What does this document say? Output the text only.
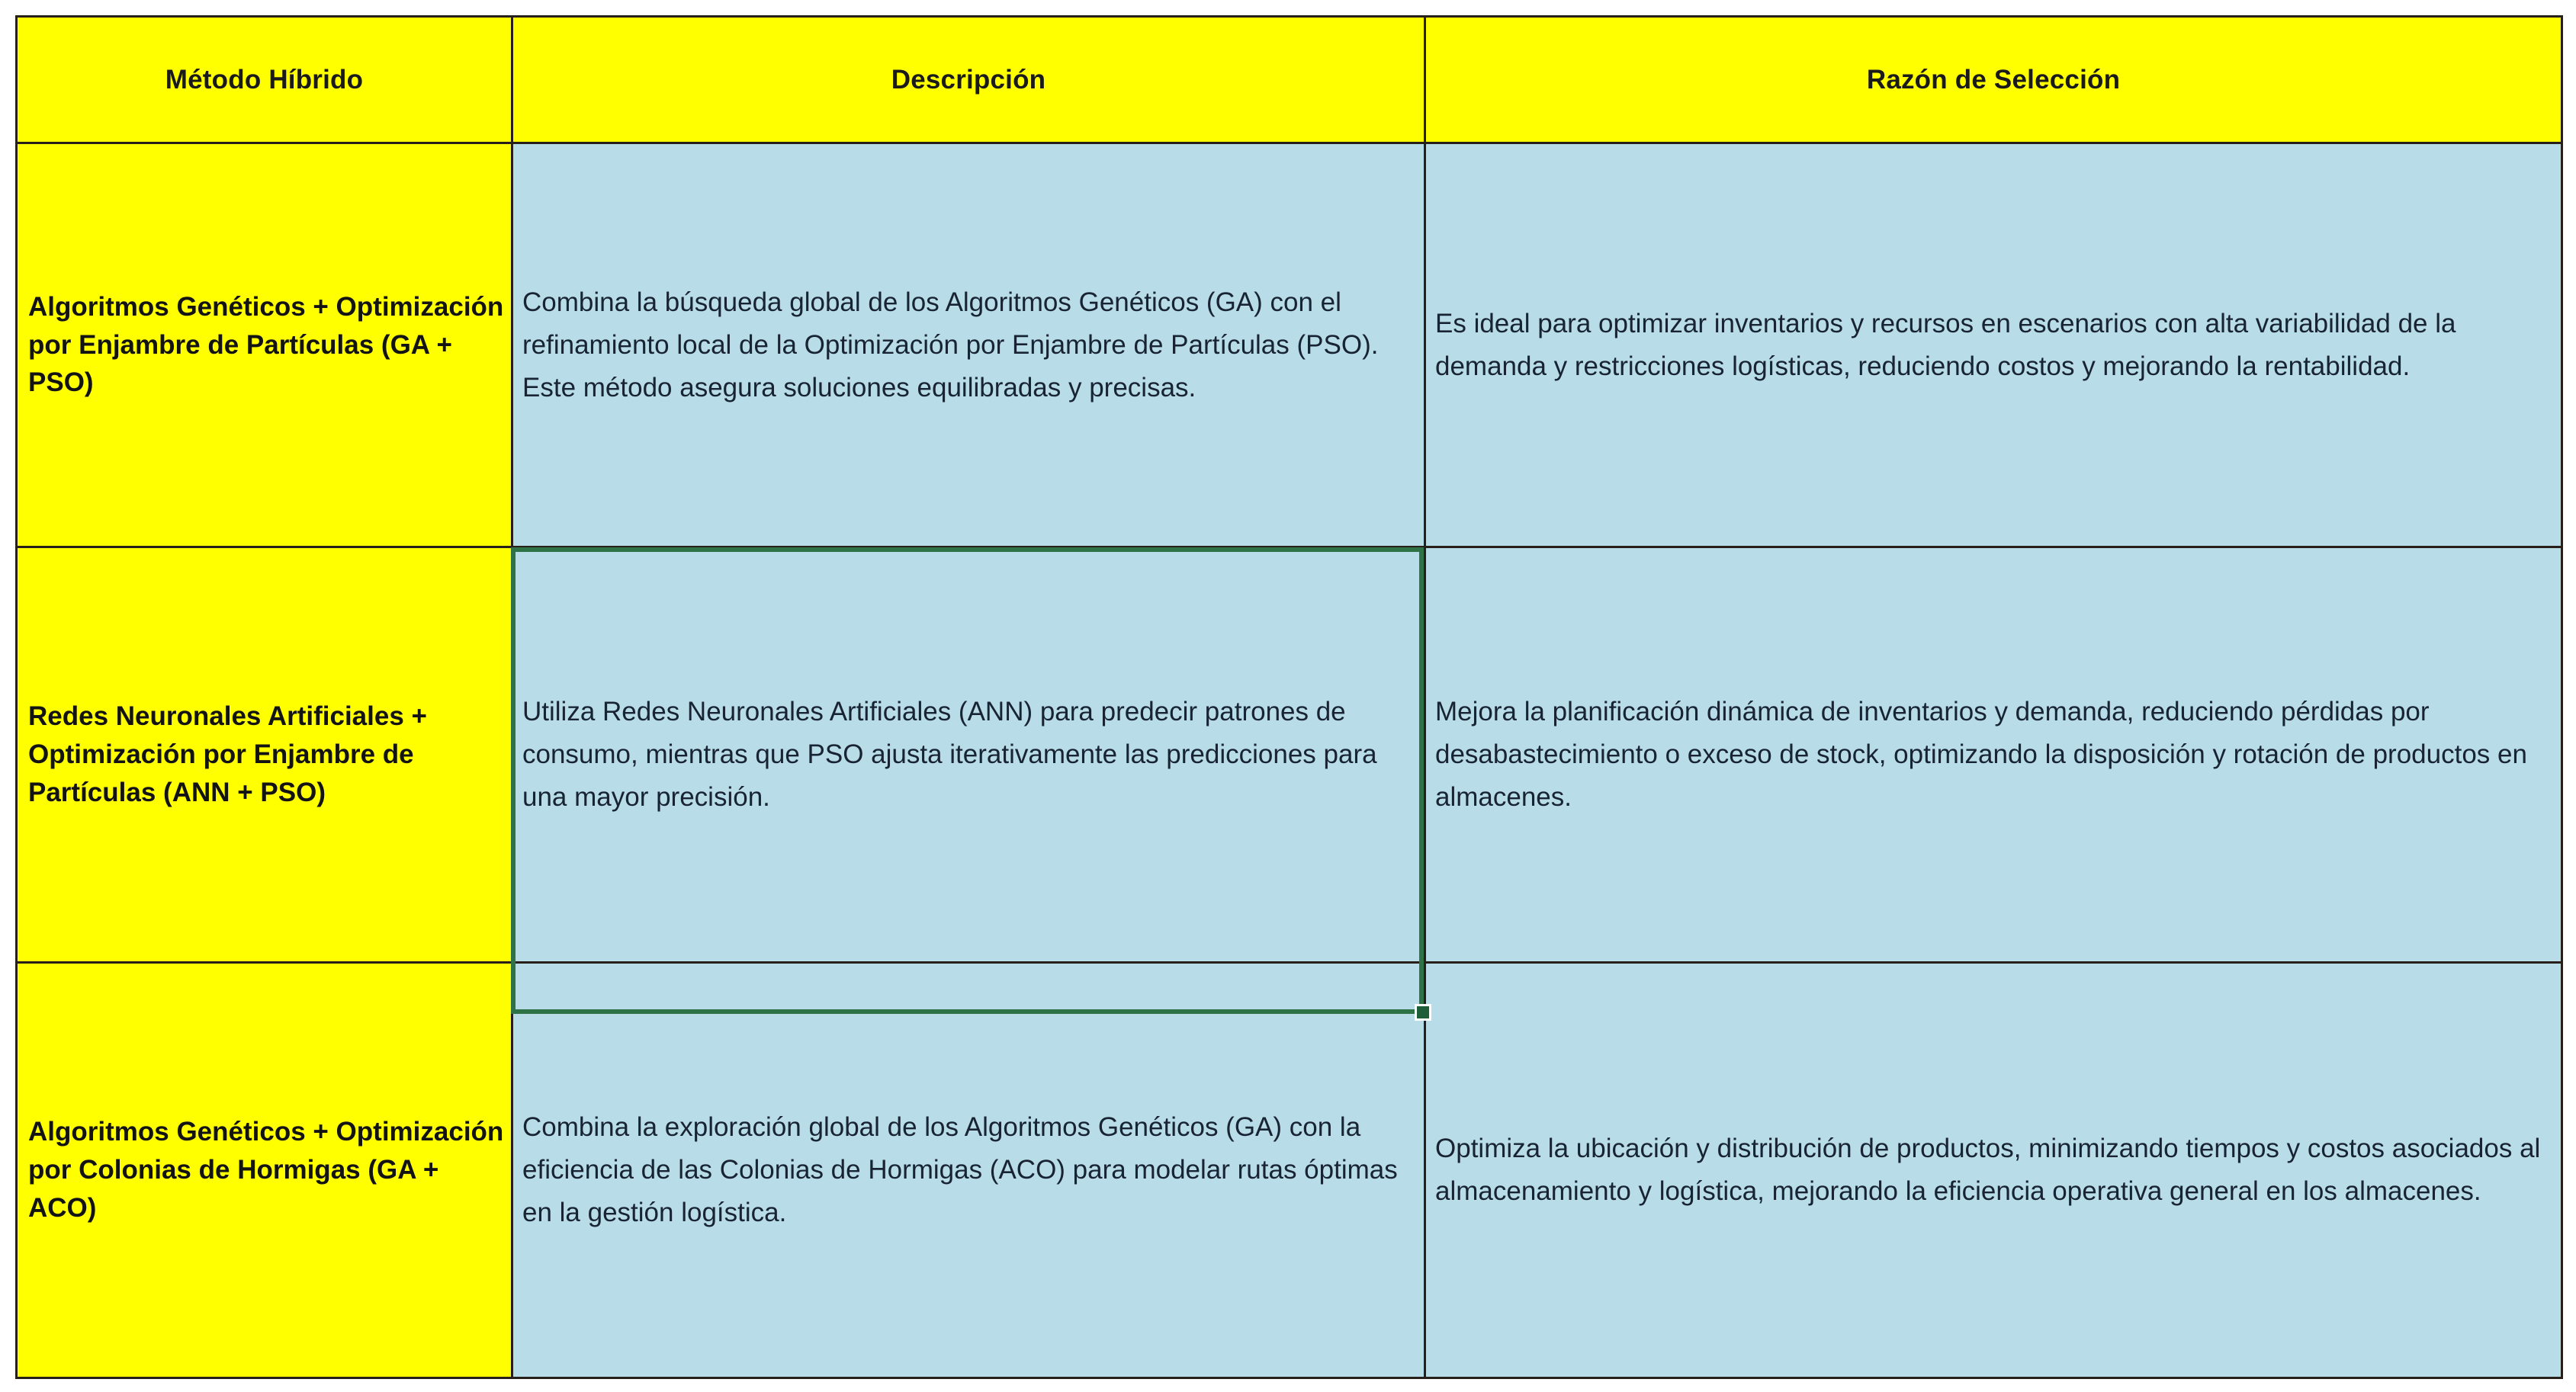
Método Híbrido	Descripción	Razón de Selección

Algoritmos Genéticos + Optimización por Enjambre de Partículas (GA + PSO)	Combina la búsqueda global de los Algoritmos Genéticos (GA) con el refinamiento local de la Optimización por Enjambre de Partículas (PSO). Este método asegura soluciones equilibradas y precisas.	Es ideal para optimizar inventarios y recursos en escenarios con alta variabilidad de la demanda y restricciones logísticas, reduciendo costos y mejorando la rentabilidad.

Redes Neuronales Artificiales + Optimización por Enjambre de Partículas (ANN + PSO)	Utiliza Redes Neuronales Artificiales (ANN) para predecir patrones de consumo, mientras que PSO ajusta iterativamente las predicciones para una mayor precisión.	Mejora la planificación dinámica de inventarios y demanda, reduciendo pérdidas por desabastecimiento o exceso de stock, optimizando la disposición y rotación de productos en almacenes.

Algoritmos Genéticos + Optimización por Colonias de Hormigas (GA + ACO)	Combina la exploración global de los Algoritmos Genéticos (GA) con la eficiencia de las Colonias de Hormigas (ACO) para modelar rutas óptimas en la gestión logística.	Optimiza la ubicación y distribución de productos, minimizando tiempos y costos asociados al almacenamiento y logística, mejorando la eficiencia operativa general en los almacenes.
